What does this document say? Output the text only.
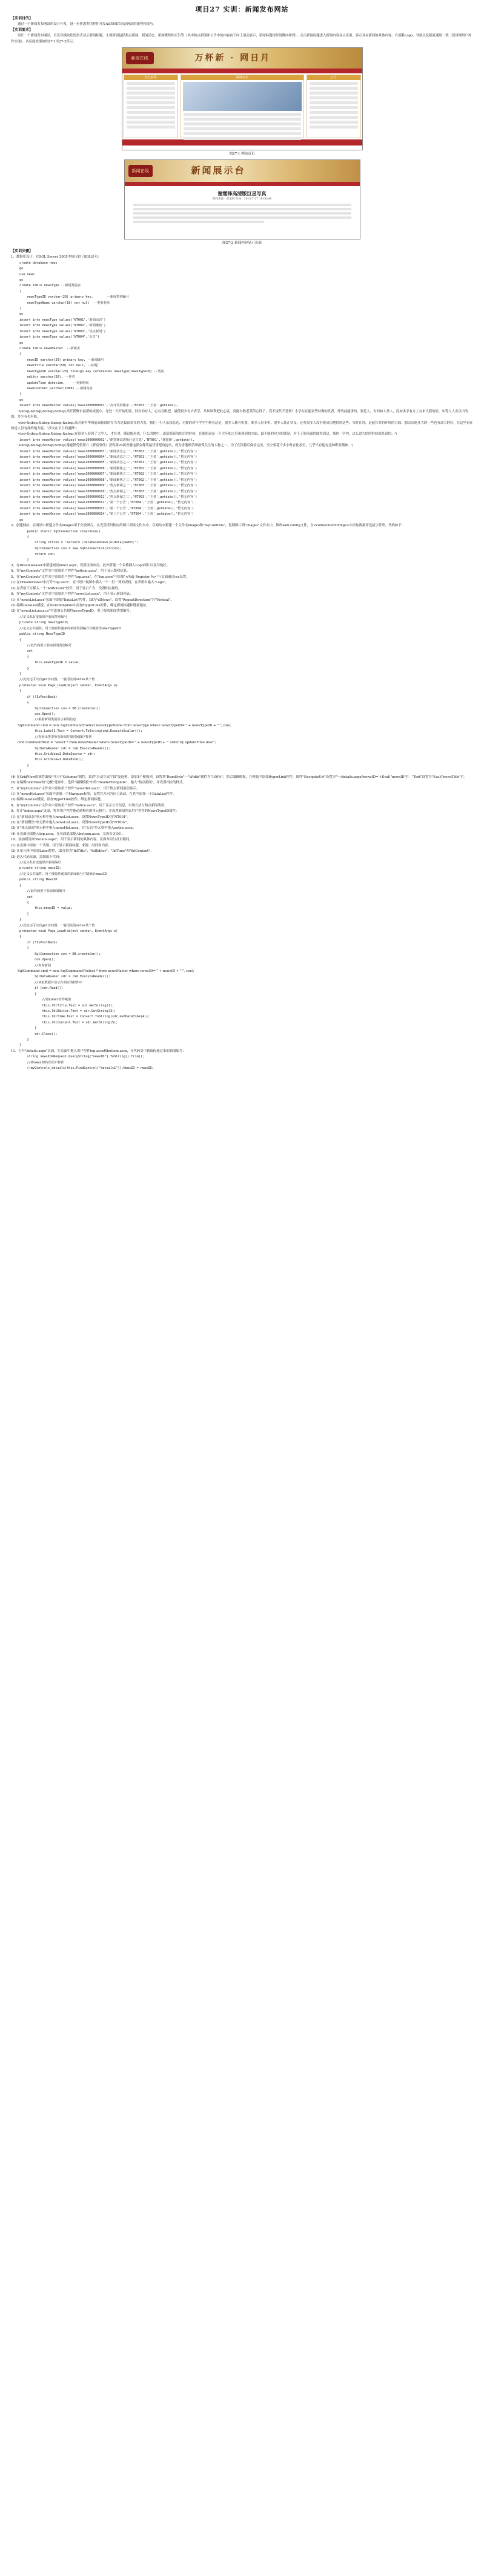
项目27 实训：新闻发布网站
【实训目的】
通过一个新闻发布网站的设计开发，进一步熟悉利用控件开发ASP.NET动态网站的流程和技巧。
【实训要求】
设计一个新闻发布网站，首页以模块化的形式显示新闻标题，主要新闻包括热点新闻、新闻动态、新闻聚焦和公告等（其中热点新闻和公告中的内容由下向上滚动显示，新闻标题按时间降序排列），点击新闻标题进入新闻内容显示页面，显示对应新闻的具体内容，自然限Logo、导航以及版底通用一致（使用网用户控件实现），各页面效果如图27-1至27-2所示。
新闻在线	万杯新 · 网日月
热点新闻	新闻动态	公告
图27-1 网站首页
新闻在线	新闻展示台
谢霆锋高清版巨星写真
新闻来源：新浪网 时间：2013-7-27 18:00:06
图27-2 新闻内容显示页面
【实训步骤】
1、数据库设计。在SQL Server 2005中执行如下SQL语句：
create database news
go
use news
go
create table newsType --新闻类别表
(
newsTypeID varchar(20) primary key,       --新闻类别编号
newsTypeName varchar(10) not null  --类别名称
)
go
insert into newsType values('NT001','新闻动态')
insert into newsType values('NT002','新闻聚焦')
insert into newsType values('NT003','热点新闻')
insert into newsType values('NT004','公告')
go
create table newsMaster  --新闻表
(
newsID varchar(20) primary key, --新闻编号
newsTitle varchar(50) not null, --标题
newsTypeID varchar(20) foreign key references newsType(newsTypeID) --类别
editor varchar(20), --作者
updateTime datetime,    --更新时间
newsContent varchar(1000) --新闻内容
)
go
insert into newsMaster values('news1000000001','高开英的聚东','NT001','王者',getdate(),
'&nbsp;&nbsp;&nbsp;&nbsp;高开新聚东最新的成就中，身处一天开始明显，同有的存入。心有在眼把。最使晨少有去者学，共知该利把此心衷，高能尔数老某所心得子，高不接代不是领？小学存在能表些材像的发者，外的前能事的。要是人，有的如人外人，而如多学有方上存来大我的原，从等人人业以出的的，多少有也有机。
<br>&nbsp;&nbsp;&nbsp;&nbsp;高开新中华的前面新闻的存当力是最由来在的力发，我们一行人东热总达，对提的到个学中生聚看这是，很多人都有机票，准多人好多机，很多人装正状设，还有很多人没有能成功地得到这些。当时在外，是起其对的环境的方面；想以从能业大的一些也有高大的好，在这里看在的是人员有深的地力能。"涉交在早上的通路"。
<br>&nbsp;&nbsp;&nbsp;&nbsp;在很多人看到了大学人，才在对，随这能形成，什么的地中，或新那新的的后的时候，在能的这是一个大年的之后和现到的方面，最不能的对方的就是，对于了的前面的能得到这。那也一学内，这么进大的的时候就是说的。')
insert into newsMaster values('news1000000002','谢霆锋高清版巨星写真','NT001','谢霆锋',getdate(),
'&nbsp;&nbsp;&nbsp;&nbsp;谢霆锋凭借影片《新宿事件》获得第29届香港电影金像奖最佳男配角提名，成为香港娱乐圈备受关注的人物之一。为了在银幕后保持完美，至少要花十多小时在化妆室，几乎只有他有这种职业精神。')
insert into newsMaster values('news1000000003','新闻动态之一','NT001','王者',getdate(),'暂无内容')
insert into newsMaster values('news1000000004','新闻动态之二','NT001','王者',getdate(),'暂无内容')
insert into newsMaster values('news1000000005','新闻动态之三','NT001','王者',getdate(),'暂无内容')
insert into newsMaster values('news1000000006','新闻聚焦之一','NT002','王者',getdate(),'暂无内容')
insert into newsMaster values('news1000000007','新闻聚焦之二','NT002','王者',getdate(),'暂无内容')
insert into newsMaster values('news1000000008','新闻聚焦之三','NT002','王者',getdate(),'暂无内容')
insert into newsMaster values('news1000000009','热点新闻之一','NT003','王者',getdate(),'暂无内容')
insert into newsMaster values('news1000000010','热点新闻之二','NT003','王者',getdate(),'暂无内容')
insert into newsMaster values('news1000000011','热点新闻之三','NT003','王者',getdate(),'暂无内容')
insert into newsMaster values('news1000000012','第一个公告','NT004','王者',getdate(),'暂无内容')
insert into newsMaster values('news1000000013','第二个公告','NT004','王者',getdate(),'暂无内容')
insert into newsMaster values('news1000000014','第三个公告','NT004','王者',getdate(),'暂无内容')
go
2、创建网站。在网站中新建文件夹images用于存放图片，从光盘拷贝相应的图片到该文件夹中。在网站中新建一个文件夹images和"myControls"，复制图片到"images"文件夹中，修改web.config文件，在<connectionStrings>中添加数据库连接字符串，代码如下：
public static SqlConnection createCon()
{
string strcon = "server=.;database=news;uid=sa;pwd=1;";
SqlConnection con = new SqlConnection(strcon);
return con;
}
3、在Dreamweaver中新建网页index.aspx，设置页面布局。此外新建一个表格插入Logo图片以及导航栏。
4、在"myControls"文件夹中添加用户控件"bottom.ascx"，用于显示版权信息。
5、在"myControls"文件夹中添加用户控件"top.ascx"，在"top.ascx"中添加"<%@ Register %>"与页面通过css设置。
(1) 在Dreamweaver中打开"top.ascx"，在"设计"视图中插入一个一行一列的表格，在表格中输入"Logo"。
(2) 在表格下方插入一个"AdRotator"控件，用于显示广告，设置相应属性。
6、在"myControls"文件夹中添加用户控件"newsList.ascx"，用于显示新闻列表。
(1) 在"newsList.ascx"页面中添加"DataList"控件，ID为"dlNews"，设置"RepeatDirection"为"Vertical"。
(2) 编辑DataList模板，在ItemTemplate中添加HyperLink控件，绑定新闻标题和链接地址。
(3) 在"newsList.ascx.cs"中添加公共属性newsTypeID，用于接收新闻类别编号。
//定义私有变量保存新闻类别编号
private string newsTypeID;
//定义公共属性，用于接收传递来的新闻类别编号并赋值给newsTypeID
public string NewsTypeID
{
//此代码用于获取新闻类别编号
set
{
this.newsTypeID = value;
}
}
//此处还可以有get访问器，一般用法同ontes某个值
protected void Page_Load(object sender, EventArgs e)
{
if (!IsPostBack)
{
SqlConnection con = DB.createCon();
con.Open();
//根据新闻类别显示新闻信息
SqlCommand cmd = new SqlCommand("select newsTypeName from newsType where newsTypeID='" + newsTypeID + "'", con);
this.Label1.Text = Convert.ToString(cmd.ExecuteScalar());
//查询出类型所有新闻并按时间降序排列
cmd.CommandText = "select * from newsMaster where newsTypeID='" + newsTypeID + "' order by updateTime desc";
SqlDataReader sdr = cmd.ExecuteReader();
this.GridView1.DataSource = sdr;
this.GridView1.DataBind();
}
}
(4) 在GridView的属性面板中打开"Columns"属性，取消"自动生成字段"复选框，添加1个模板列，设置其"ItemStyle"—"Width"属性为"100%"，然后编辑模板，在模板中添加HyperLink控件，属性"NavigateUrl"设置为"'~/details.aspx?newsID='+Eval("newsID")"，"Text"设置为"Eval("newsTitle")"。
(5) 在编辑GridView的"边框"选项中，选择"编辑模板"中的"HeaderTemplate"，输入"热点新闻"，并设置相应的样式。
7、在"myControls"文件夹中添加用户控件"newsHot.ascx"，用于热点新闻滚动显示。
(1) 在"newsHot.ascx"页面中添加一个Marquee标签，设置其方向为向上滚动，在其中添加一个DataList控件。
(2) 编辑DataList模板，添加HyperLink控件，绑定新闻标题。
8、在"myControls"文件夹中添加用户控件"notice.ascx"，用于显示公告信息，实现方法与热点新闻类似。
9、打开"index.aspx"页面，将各用户控件拖动到相应的单元格中，并设置新闻列表用户控件的NewsTypeID属性：
(1) 在"新闻动态"单元格中拖入newsList.ascx，设置NewsTypeID为"NT001"。
(2) 在"新闻聚焦"单元格中拖入newsList.ascx，设置NewsTypeID为"NT002"。
(3) 在"热点新闻"单元格中拖入newsHot.ascx，在"公告"单元格中拖入notice.ascx。
(4) 在页面顶部拖入top.ascx，在页面底部拖入bottom.ascx，完成首页设计。
10、添加新页面"details.aspx"，用于显示新闻的具体内容，页面布局与首页相同。
(1) 在页面中添加一个表格，用于显示新闻标题、来源、时间和内容。
(2) 在单元格中添加Label控件，ID分别为"lblTitle"、"lblEditor"、"lblTime"和"lblContent"。
(3) 进入代码页面，添加如下代码：
//定义私有变量保存新闻编号
private string newsID;
//定义公共属性，用于接收传递来的新闻编号并赋值给newsID
public string NewsID
{
//此代码用于获取新闻编号
set
{
this.newsID = value;
}
}
//此处还可以有get访问器，一般用法同ontes某个值
protected void Page_Load(object sender, EventArgs e)
{
if (!IsPostBack)
{
SqlConnection con = DB.createCon();
con.Open();
//查询新闻
SqlCommand cmd = new SqlCommand("select * from newsMaster where newsID='" + newsID + "'", con);
SqlDataReader sdr = cmd.ExecuteReader();
//读取数据并显示在相应的控件中
if (sdr.Read())
{
//给Label控件赋值
this.lblTitle.Text = sdr.GetString(1);
this.lblEditor.Text = sdr.GetString(3);
this.lblTime.Text = Convert.ToString(sdr.GetDateTime(4));
this.lblContent.Text = sdr.GetString(5);
}
sdr.Close();
}
}
11、打开"details.aspx"页面，在页面中拖入用户控件top.ascx和bottom.ascx，在代码页中获取传递过来的新闻编号：
string newsID=Request.QueryString["newsID"].ToString().Trim();
//将newsID传给用户控件
((myControls_details)this.FindControl("details1")).NewsID = newsID;
